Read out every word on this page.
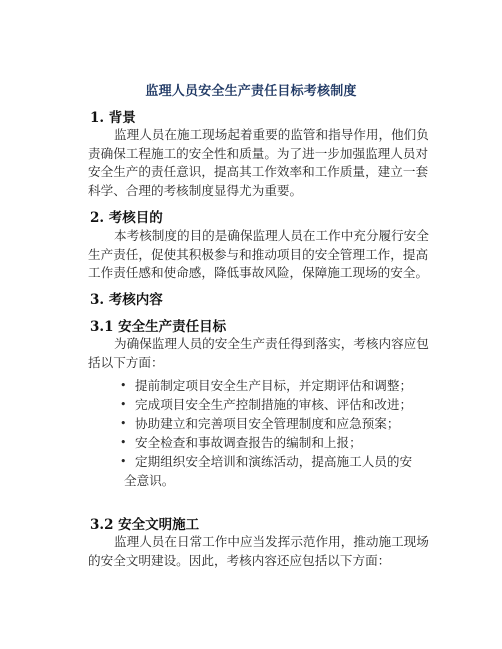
监理人员安全生产责任目标考核制度
1. 背景
监理人员在施工现场起着重要的监管和指导作用，他们负
责确保工程施工的安全性和质量。为了进一步加强监理人员对
安全生产的责任意识，提高其工作效率和工作质量，建立一套
科学、合理的考核制度显得尤为重要。
2. 考核目的
本考核制度的目的是确保监理人员在工作中充分履行安全
生产责任，促使其积极参与和推动项目的安全管理工作，提高
工作责任感和使命感，降低事故风险，保障施工现场的安全。
3. 考核内容
3.1 安全生产责任目标
为确保监理人员的安全生产责任得到落实，考核内容应包
括以下方面：
• 提前制定项目安全生产目标，并定期评估和调整；
• 完成项目安全生产控制措施的审核、评估和改进；
• 协助建立和完善项目安全管理制度和应急预案；
• 安全检查和事故调查报告的编制和上报；
• 定期组织安全培训和演练活动，提高施工人员的安
全意识。
3.2 安全文明施工
监理人员在日常工作中应当发挥示范作用，推动施工现场
的安全文明建设。因此，考核内容还应包括以下方面：
